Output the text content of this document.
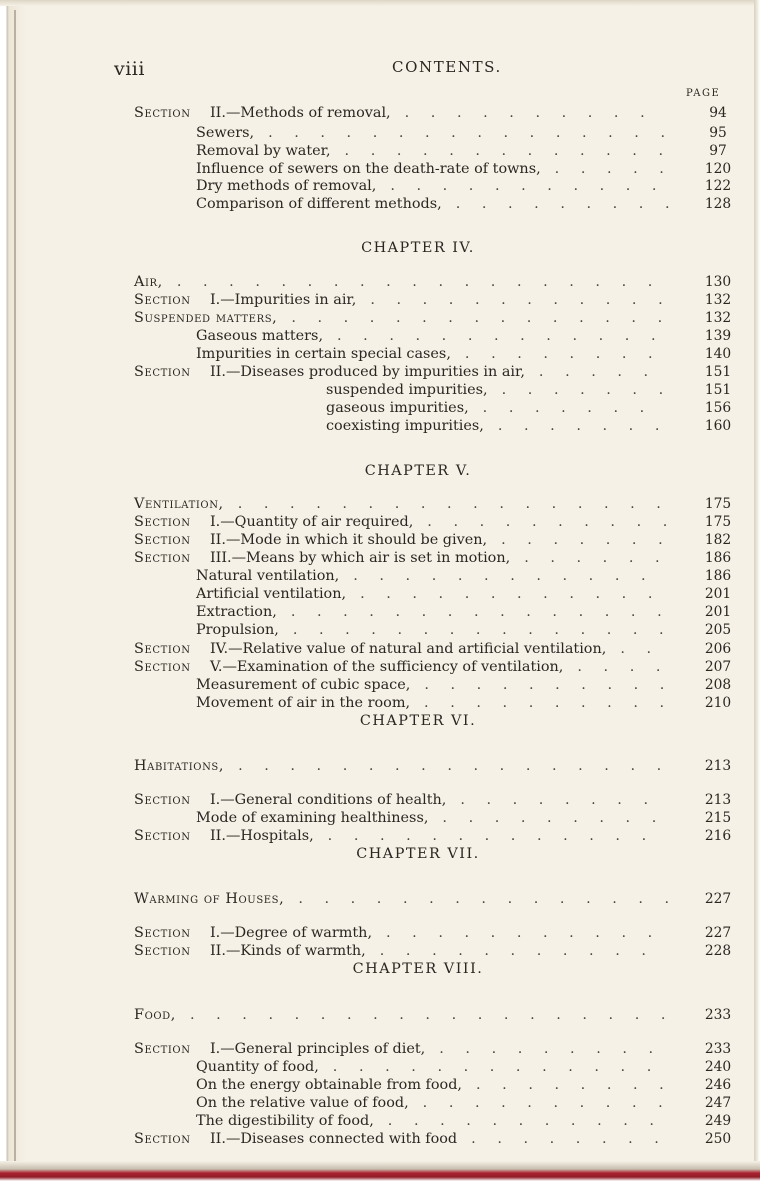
viii	CONTENTS.
PAGE
Section II.—Methods of removal,	94
.  .  .  .  .  .  .  .  .  .
Sewers,	95
.  .  .  .  .  .  .  .  .  .  .  .  .  .  .  .
Removal by water,	97
.  .  .  .  .  .  .  .  .  .  .  .  .
Influence of sewers on the death-rate of towns,	120
.  .  .  .  .
Dry methods of removal,	122
.  .  .  .  .  .  .  .  .  .  .
Comparison of different methods,	128
.  .  .  .  .  .  .  .  .
CHAPTER IV.
Air,	130
.  .  .  .  .  .  .  .  .  .  .  .  .  .  .  .  .  .  .
Section I.—Impurities in air,	132
.  .  .  .  .  .  .  .  .  .  .  .
Suspended matters,	132
.  .  .  .  .  .  .  .  .  .  .  .  .  .  .
Gaseous matters,	139
.  .  .  .  .  .  .  .  .  .  .  .  .
Impurities in certain special cases,	140
.  .  .  .  .  .  .  .
Section II.—Diseases produced by impurities in air,	151
.  .  .  .  .
suspended impurities,	151
.  .  .  .  .  .  .
gaseous impurities,	156
.  .  .  .  .  .  .
coexisting impurities,	160
.  .  .  .  .  .  .
CHAPTER V.
Ventilation,	175
.  .  .  .  .  .  .  .  .  .  .  .  .  .  .  .  .
Section I.—Quantity of air required,	175
.  .  .  .  .  .  .  .  .  .
Section II.—Mode in which it should be given,	182
.  .  .  .  .  .  .
Section III.—Means by which air is set in motion,	186
.  .  .  .  .  .
Natural ventilation,	186
.  .  .  .  .  .  .  .  .  .  .  .
Artificial ventilation,	201
.  .  .  .  .  .  .  .  .  .  .  .
Extraction,	201
.  .  .  .  .  .  .  .  .  .  .  .  .  .  .
Propulsion,	205
.  .  .  .  .  .  .  .  .  .  .  .  .  .  .
Section IV.—Relative value of natural and artificial ventilation,	206
.  .
Section V.—Examination of the sufficiency of ventilation,	207
.  .  .  .
Measurement of cubic space,	208
.  .  .  .  .  .  .  .  .  .
Movement of air in the room,	210
.  .  .  .  .  .  .  .  .  .
CHAPTER VI.
Habitations,	213
.  .  .  .  .  .  .  .  .  .  .  .  .  .  .  .  .
Section I.—General conditions of health,	213
.  .  .  .  .  .  .  .
Mode of examining healthiness,	215
.  .  .  .  .  .  .  .  .
Section II.—Hospitals,	216
.  .  .  .  .  .  .  .  .  .  .  .  .
CHAPTER VII.
Warming of Houses,	227
.  .  .  .  .  .  .  .  .  .  .  .  .  .  .
Section I.—Degree of warmth,	227
.  .  .  .  .  .  .  .  .  .  .
Section II.—Kinds of warmth,	228
.  .  .  .  .  .  .  .  .  .  .
CHAPTER VIII.
Food,	233
.  .  .  .  .  .  .  .  .  .  .  .  .  .  .  .  .  .  .
Section I.—General principles of diet,	233
.  .  .  .  .  .  .  .  .
Quantity of food,	240
.  .  .  .  .  .  .  .  .  .  .  .  .
On the energy obtainable from food,	246
.  .  .  .  .  .  .  .
On the relative value of food,	247
.  .  .  .  .  .  .  .  .  .
The digestibility of food,	249
.  .  .  .  .  .  .  .  .  .  .
Section II.—Diseases connected with food	250
.  .  .  .  .  .  .  .
